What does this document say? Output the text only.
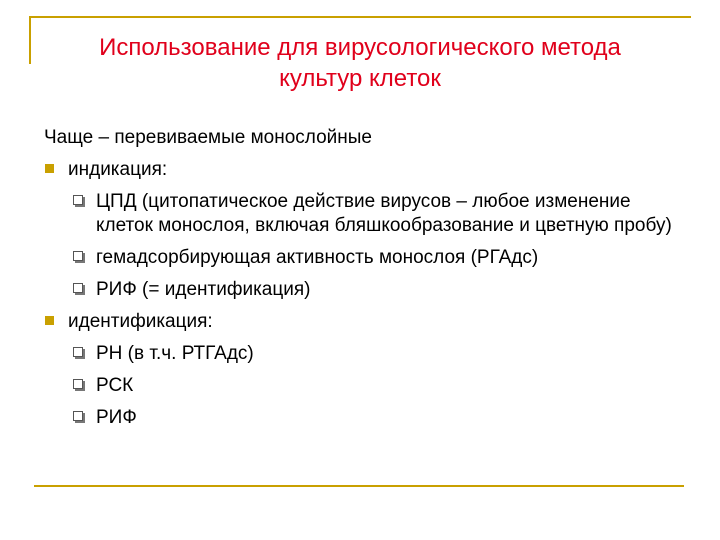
Использование для вирусологического метода
культур клеток

Чаще – перевиваемые монослойные

индикация:
ЦПД (цитопатическое действие вирусов – любое изменение клеток монослоя, включая бляшкообразование и цветную пробу)
гемадсорбирующая активность монослоя (РГАдс)
РИФ (= идентификация)
идентификация:
РН (в т.ч. РТГАдс)
РСК
РИФ
